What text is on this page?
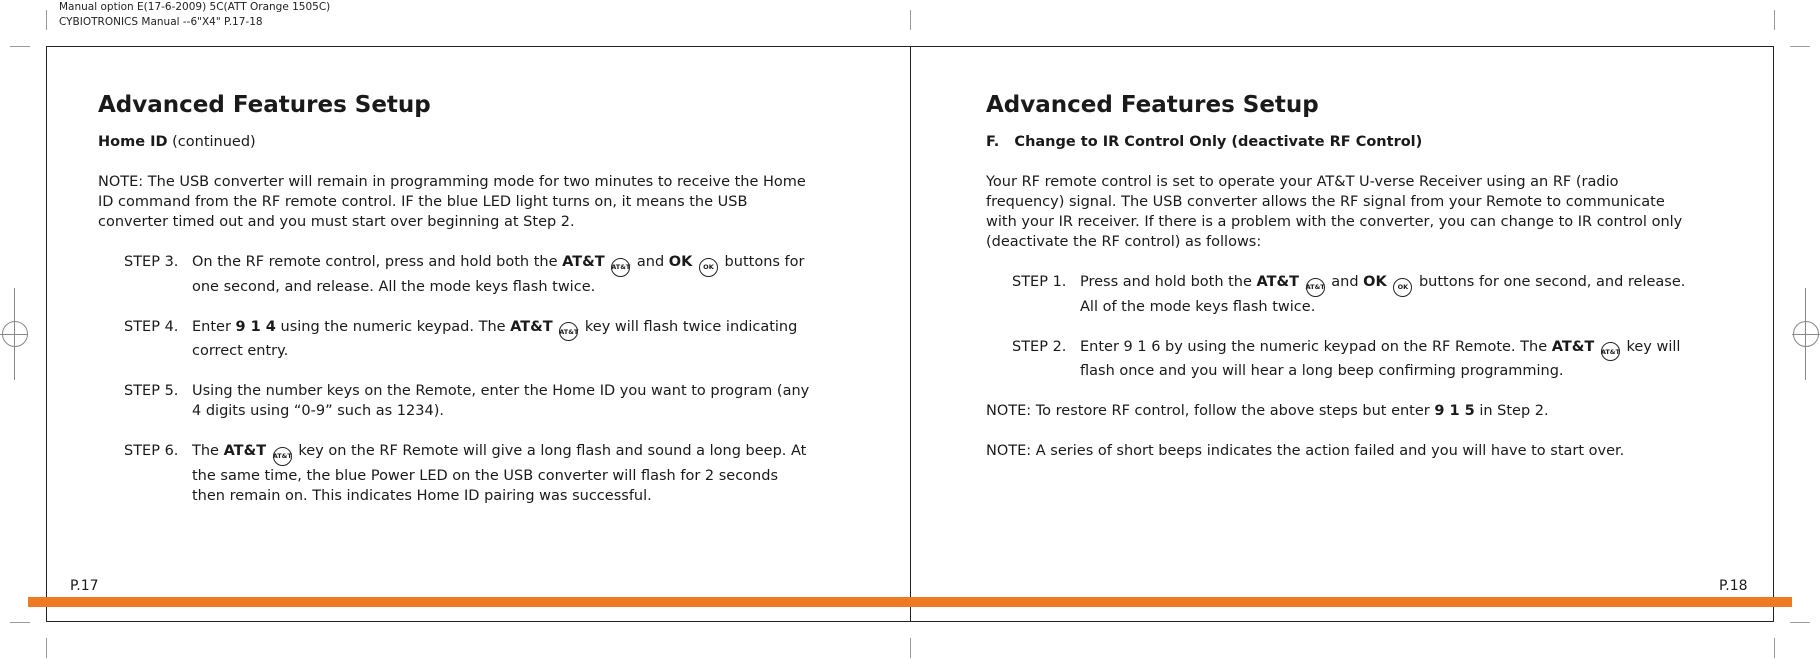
Manual option E(17-6-2009) 5C(ATT Orange 1505C)
CYBIOTRONICS Manual --6"X4" P.17-18
Advanced Features Setup

Home ID (continued)

NOTE: The USB converter will remain in programming mode for two minutes to receive the Home ID command from the RF remote control. IF the blue LED light turns on, it means the USB converter timed out and you must start over beginning at Step 2.

STEP 3. On the RF remote control, press and hold both the AT&T AT&T and OK OK buttons for one second, and release. All the mode keys flash twice.
STEP 4. Enter 9 1 4 using the numeric keypad. The AT&T AT&T key will flash twice indicating correct entry.
STEP 5. Using the number keys on the Remote, enter the Home ID you want to program (any 4 digits using “0-9” such as 1234).
STEP 6. The AT&T AT&T key on the RF Remote will give a long flash and sound a long beep. At the same time, the blue Power LED on the USB converter will flash for 2 seconds then remain on. This indicates Home ID pairing was successful.
P.17
Advanced Features Setup

F.   Change to IR Control Only (deactivate RF Control)

Your RF remote control is set to operate your AT&T U-verse Receiver using an RF (radio frequency) signal. The USB converter allows the RF signal from your Remote to communicate with your IR receiver. If there is a problem with the converter, you can change to IR control only (deactivate the RF control) as follows:

STEP 1. Press and hold both the AT&T AT&T and OK OK buttons for one second, and release. All of the mode keys flash twice.
STEP 2. Enter 9 1 6 by using the numeric keypad on the RF Remote. The AT&T AT&T key will flash once and you will hear a long beep confirming programming.

NOTE: To restore RF control, follow the above steps but enter 9 1 5 in Step 2.

NOTE: A series of short beeps indicates the action failed and you will have to start over.

P.18
